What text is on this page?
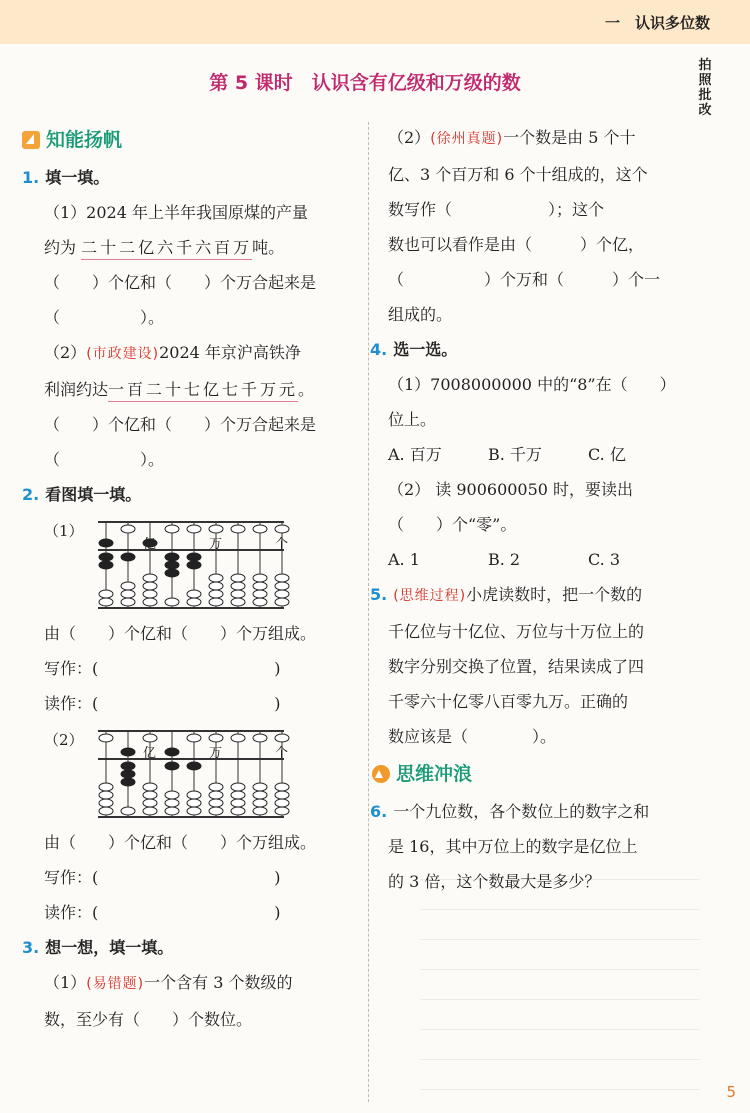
一　认识多位数
拍
照
批
改
第 5 课时　认识含有亿级和万级的数
知能扬帆
1. 填一填。
（1）2024 年上半年我国原煤的产量
约为 二十二亿六千六百万吨。
（　　）个亿和（　　）个万合起来是
（　　　　　）。
（2）(市政建设)2024 年京沪高铁净
利润约达一百二十七亿七千万元。
（　　）个亿和（　　）个万合起来是
（　　　　　）。
2. 看图填一填。
（1）
万	个
由（　　）个亿和（　　）个万组成。
写作：(　　　　　　　　　　　)
读作：(　　　　　　　　　　　)
（2）
亿	万	个
由（　　）个亿和（　　）个万组成。
写作：(　　　　　　　　　　　)
读作：(　　　　　　　　　　　)
3. 想一想，填一填。
（1）(易错题)一个含有 3 个数级的
数，至少有（　　）个数位。
（2）(徐州真题)一个数是由 5 个十
亿、3 个百万和 6 个十组成的，这个
数写作（　　　　　　）；这个
数也可以看作是由（　　　）个亿，
（　　　　　）个万和（　　　）个一
组成的。
4. 选一选。
（1）7008000000 中的“8”在（　　）
位上。
A. 百万	B. 千万	C. 亿
（2） 读 900600050 时，要读出
（　　）个“零”。
A. 1	B. 2	C. 3
5. (思维过程)小虎读数时，把一个数的
千亿位与十亿位、万位与十万位上的
数字分别交换了位置，结果读成了四
千零六十亿零八百零九万。正确的
数应该是（　　　　）。
思维冲浪
6. 一个九位数，各个数位上的数字之和
是 16，其中万位上的数字是亿位上
的 3 倍，这个数最大是多少？
5
